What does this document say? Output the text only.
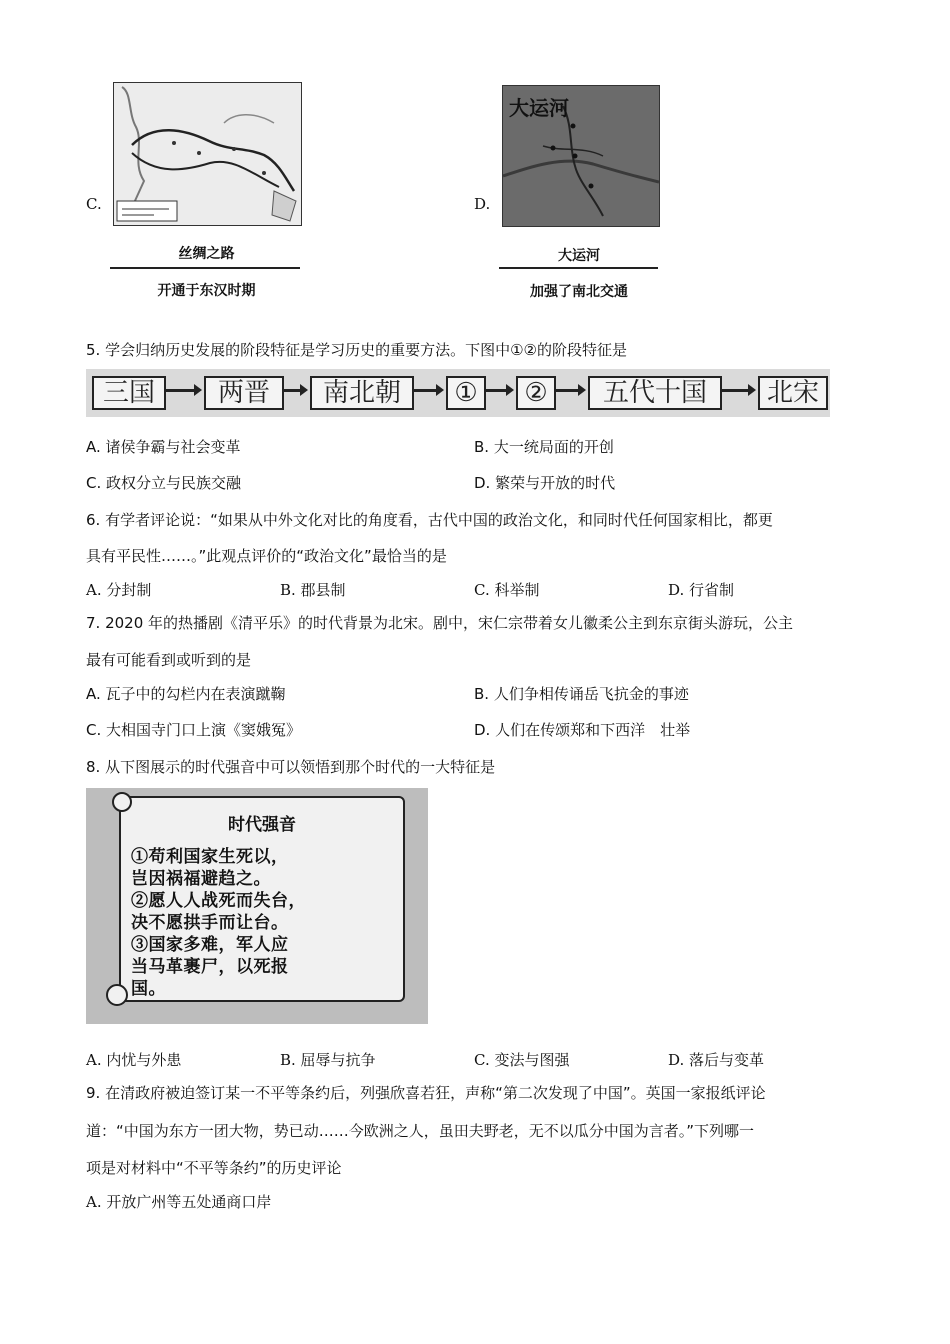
C.
丝绸之路
开通于东汉时期
D.
大运河
大运河
加强了南北交通
5. 学会归纳历史发展的阶段特征是学习历史的重要方法。下图中①②的阶段特征是
三国	两晋	南北朝	①	②	五代十国	北宋
A. 诸侯争霸与社会变革	B. 大一统局面的开创
C. 政权分立与民族交融	D. 繁荣与开放的时代
6. 有学者评论说：“如果从中外文化对比的角度看，古代中国的政治文化，和同时代任何国家相比，都更
具有平民性……。”此观点评价的“政治文化”最恰当的是
A. 分封制	B. 郡县制	C. 科举制	D. 行省制
7. 2020 年的热播剧《清平乐》的时代背景为北宋。剧中，宋仁宗带着女儿徽柔公主到东京街头游玩，公主
最有可能看到或听到的是
A. 瓦子中的勾栏内在表演蹴鞠	B. 人们争相传诵岳飞抗金的事迹
C. 大相国寺门口上演《窦娥冤》	D. 人们在传颂郑和下西洋　壮举
8. 从下图展示的时代强音中可以领悟到那个时代的一大特征是
时代强音
①苟利国家生死以，
岂因祸福避趋之。
②愿人人战死而失台，
决不愿拱手而让台。
③国家多难，军人应
当马革裹尸，以死报
国。
A. 内忧与外患	B. 屈辱与抗争	C. 变法与图强	D. 落后与变革
9. 在清政府被迫签订某一不平等条约后，列强欣喜若狂，声称“第二次发现了中国”。英国一家报纸评论
道：“中国为东方一团大物，势已动……今欧洲之人，虽田夫野老，无不以瓜分中国为言者。”下列哪一
项是对材料中“不平等条约”的历史评论
A. 开放广州等五处通商口岸
